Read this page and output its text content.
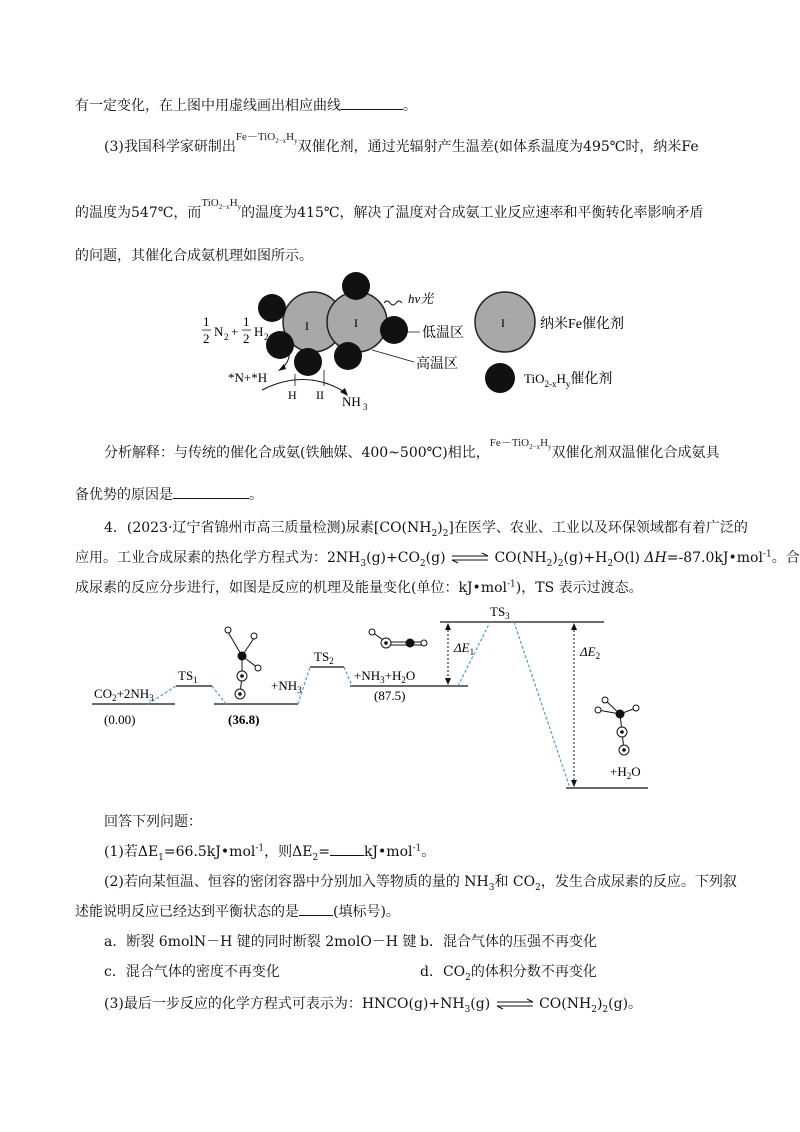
有一定变化，在上图中用虚线画出相应曲线	。
(3)我国科学家研制出$Fe-TiO_{2-x}H_y$双催化剂，通过光辐射产生温差(如体系温度为495℃时，纳米Fe
的温度为547℃，而$TiO_{2-x}H_y$的温度为415℃，解决了温度对合成氨工业反应速率和平衡转化率影响矛盾
的问题，其催化合成氨机理如图所示。
I	I
hν光
低温区
高温区
1
2 N 2 +
1
2 H 2
*N+*H
H II NH 3
I	纳米Fe催化剂
$TiO_{2-x}H_y$催化剂
分析解释：与传统的催化合成氨(铁触媒、400~500℃)相比，$Fe-TiO_{2-x}H_y$双催化剂双温催化合成氨具
备优势的原因是	。
4．(2023·辽宁省锦州市高三质量检测)尿素$[CO(NH_2)_2]$在医学、农业、工业以及环保领域都有着广泛的
应用。工业合成尿素的热化学方程式为：$2NH_3(g)+CO_2(g)$ ⇌ $CO(NH_2)_2(g)+H_2O(l)$ ΔH=-87.0kJ•mol$^{-1}$。合
成尿素的反应分步进行，如图是反应的机理及能量变化(单位：kJ•mol$^{-1}$)，TS 表示过渡态。
$\Delta E_1$	$\Delta E_2$
$CO_2+2NH_3$
(0.00)
$TS_1$	$+NH_3$
(36.8)
$TS_2$
$+NH_3+H_2O$
(87.5)
$TS_3$
$+H_2O$
回答下列问题：
(1)若$\Delta E_1=66.5kJ•mol^{-1}$，则$\Delta E_2=$ kJ•mol$^{-1}$。
(2)若向某恒温、恒容的密闭容器中分别加入等物质的量的 $NH_3$和 $CO_2$，发生合成尿素的反应。下列叙
述能说明反应已经达到平衡状态的是 (填标号)。
a．断裂 6molN－H 键的同时断裂 2molO－H 键 b．混合气体的压强不再变化
c．混合气体的密度不再变化	d．$CO_2$的体积分数不再变化
(3)最后一步反应的化学方程式可表示为：$HNCO(g)+NH_3(g)$ ⇌ $CO(NH_2)_2(g)$。
